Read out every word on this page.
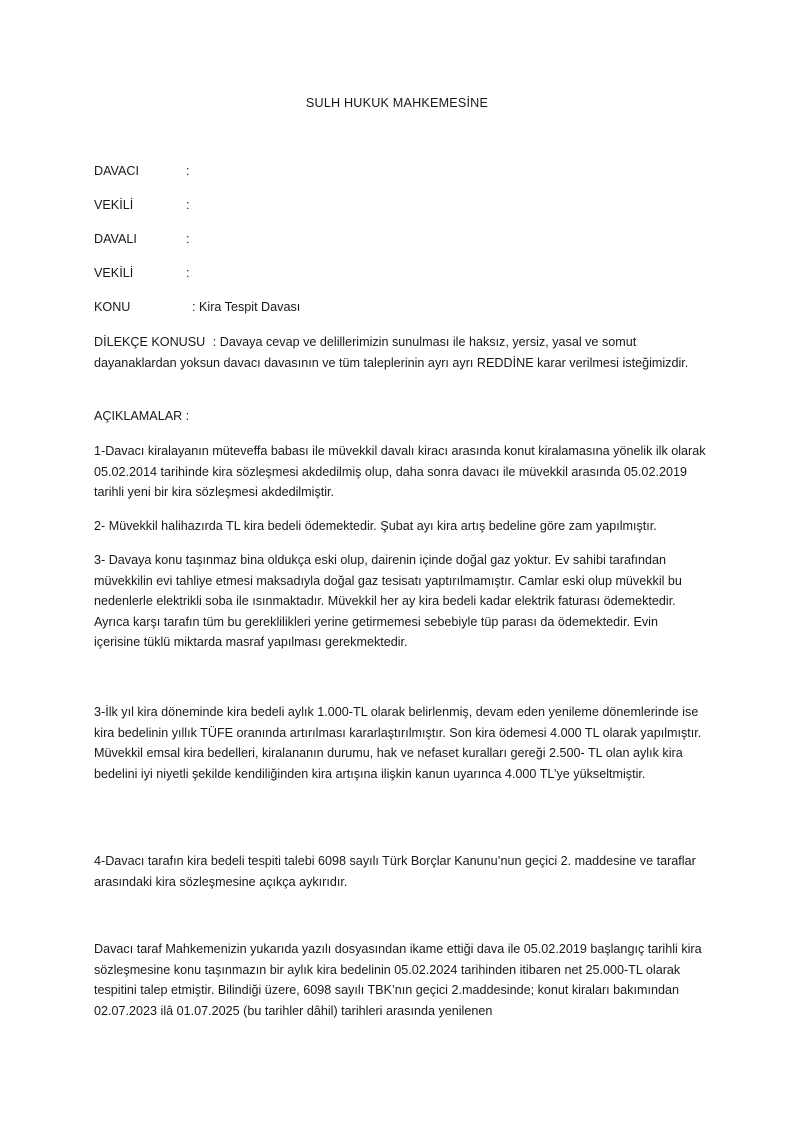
SULH HUKUK MAHKEMESİNE
DAVACI	:
VEKİLİ	:
DAVALI	:
VEKİLİ	:
KONU	: Kira Tespit Davası
DİLEKÇE KONUSU : Davaya cevap ve delillerimizin sunulması ile haksız, yersiz, yasal ve somut dayanaklardan yoksun davacı davasının ve tüm taleplerinin ayrı ayrı REDDİNE karar verilmesi isteğimizdir.
AÇIKLAMALAR :
1-Davacı kiralayanın müteveffa babası ile müvekkil davalı kiracı arasında konut kiralamasına yönelik ilk olarak 05.02.2014 tarihinde kira sözleşmesi akdedilmiş olup, daha sonra davacı ile müvekkil arasında 05.02.2019 tarihli yeni bir kira sözleşmesi akdedilmiştir.
2- Müvekkil halihazırda TL kira bedeli ödemektedir. Şubat ayı kira artış bedeline göre zam yapılmıştır.
3- Davaya konu taşınmaz bina oldukça eski olup, dairenin içinde doğal gaz yoktur. Ev sahibi tarafından müvekkilin evi tahliye etmesi maksadıyla doğal gaz tesisatı yaptırılmamıştır. Camlar eski olup müvekkil bu nedenlerle elektrikli soba ile ısınmaktadır. Müvekkil her ay kira bedeli kadar elektrik faturası ödemektedir. Ayrıca karşı tarafın tüm bu gereklilikleri yerine getirmemesi sebebiyle tüp parası da ödemektedir. Evin içerisine tüklü miktarda masraf yapılması gerekmektedir.
3-İlk yıl kira döneminde kira bedeli aylık 1.000-TL olarak belirlenmiş, devam eden yenileme dönemlerinde ise kira bedelinin yıllık TÜFE oranında artırılması kararlaştırılmıştır. Son kira ödemesi 4.000 TL olarak yapılmıştır. Müvekkil emsal kira bedelleri, kiralananın durumu, hak ve nefaset kuralları gereği 2.500- TL olan aylık kira bedelini iyi niyetli şekilde kendiliğinden kira artışına ilişkin kanun uyarınca 4.000 TL’ye yükseltmiştir.
4-Davacı tarafın kira bedeli tespiti talebi 6098 sayılı Türk Borçlar Kanunu’nun geçici 2. maddesine ve taraflar arasındaki kira sözleşmesine açıkça aykırıdır.
Davacı taraf Mahkemenizin yukarıda yazılı dosyasından ikame ettiği dava ile 05.02.2019 başlangıç tarihli kira sözleşmesine konu taşınmazın bir aylık kira bedelinin 05.02.2024 tarihinden itibaren net 25.000-TL olarak tespitini talep etmiştir. Bilindiği üzere, 6098 sayılı TBK’nın geçici 2.maddesinde; konut kiraları bakımından 02.07.2023 ilâ 01.07.2025 (bu tarihler dâhil) tarihleri arasında yenilenen
